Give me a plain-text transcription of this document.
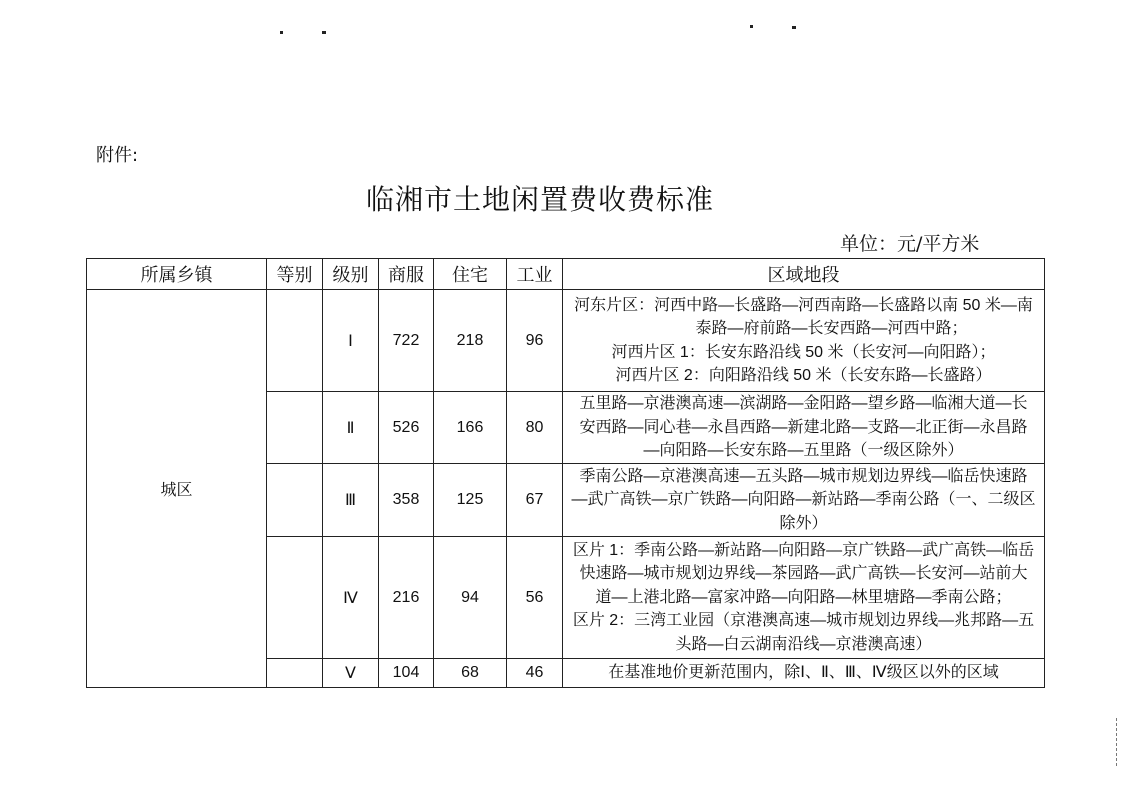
附件:
临湘市土地闲置费收费标准
单位：元/平方米
所属乡镇	等别	级别	商服	住宅	工业	区域地段
城区		Ⅰ	722	218	96	河东片区：河西中路—长盛路—河西南路—长盛路以南 50 米—南
泰路—府前路—长安西路—河西中路；
河西片区 1：长安东路沿线 50 米（长安河—向阳路）；
河西片区 2：向阳路沿线 50 米（长安东路—长盛路）

		Ⅱ	526	166	80	五里路—京港澳高速—滨湖路—金阳路—望乡路—临湘大道—长
安西路—同心巷—永昌西路—新建北路—支路—北正街—永昌路
—向阳路—长安东路—五里路（一级区除外）

		Ⅲ	358	125	67	季南公路—京港澳高速—五头路—城市规划边界线—临岳快速路
—武广高铁—京广铁路—向阳路—新站路—季南公路（一、二级区
除外）

		Ⅳ	216	94	56	区片 1：季南公路—新站路—向阳路—京广铁路—武广高铁—临岳
快速路—城市规划边界线—茶园路—武广高铁—长安河—站前大
道—上港北路—富家冲路—向阳路—林里塘路—季南公路；
区片 2：三湾工业园（京港澳高速—城市规划边界线—兆邦路—五
头路—白云湖南沿线—京港澳高速）

		Ⅴ	104	68	46	在基准地价更新范围内，除Ⅰ、Ⅱ、Ⅲ、Ⅳ级区以外的区域
